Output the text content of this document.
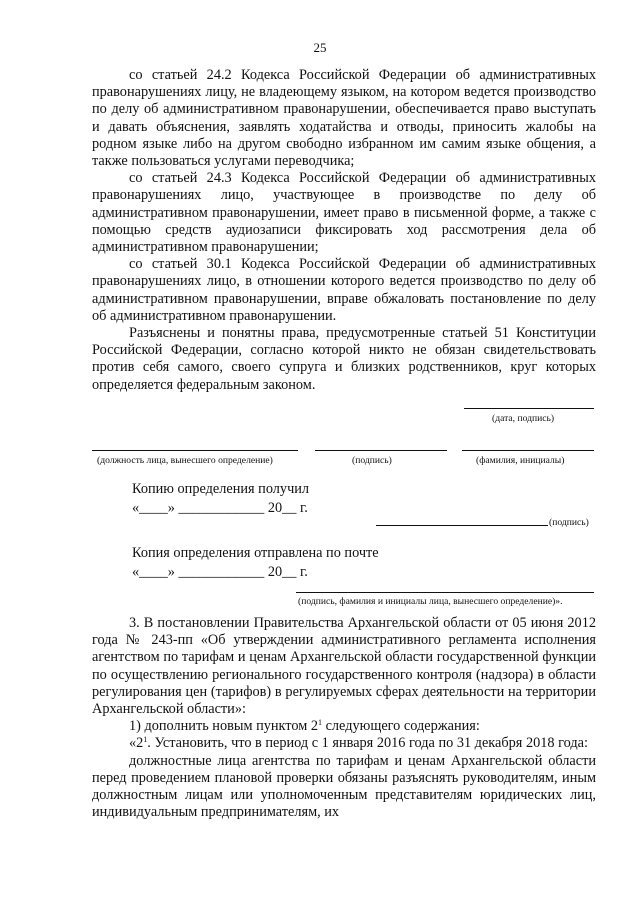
25

со статьей 24.2 Кодекса Российской Федерации об административных правонарушениях лицу, не владеющему языком, на котором ведется производство по делу об административном правонарушении, обеспечивается право выступать и давать объяснения, заявлять ходатайства и отводы, приносить жалобы на родном языке либо на другом свободно избранном им самим языке общения, а также пользоваться услугами переводчика;

со статьей 24.3 Кодекса Российской Федерации об административных правонарушениях лицо, участвующее в производстве по делу об административном правонарушении, имеет право в письменной форме, а также с помощью средств аудиозаписи фиксировать ход рассмотрения дела об административном правонарушении;

со статьей 30.1 Кодекса Российской Федерации об административных правонарушениях лицо, в отношении которого ведется производство по делу об административном правонарушении, вправе обжаловать постановление по делу об административном правонарушении.

Разъяснены и понятны права, предусмотренные статьей 51 Конституции Российской Федерации, согласно которой никто не обязан свидетельствовать против себя самого, своего супруга и близких родственников, круг которых определяется федеральным законом.

(дата, подпись)
(должность лица, вынесшего определение)	(подпись)	(фамилия, инициалы)
Копию определения получил
«____» ____________ 20__ г.
(подпись)
Копия определения отправлена по почте
«____» ____________ 20__ г.
(подпись, фамилия и инициалы лица, вынесшего определение)».

3. В постановлении Правительства Архангельской области от 05 июня 2012 года № 243-пп «Об утверждении административного регламента исполнения агентством по тарифам и ценам Архангельской области государственной функции по осуществлению регионального государственного контроля (надзора) в области регулирования цен (тарифов) в регулируемых сферах деятельности на территории Архангельской области»:

1) дополнить новым пунктом $2^1$ следующего содержания:

«$2^1$. Установить, что в период с 1 января 2016 года по 31 декабря 2018 года:

должностные лица агентства по тарифам и ценам Архангельской области перед проведением плановой проверки обязаны разъяснять руководителям, иным должностным лицам или уполномоченным представителям юридических лиц, индивидуальным предпринимателям, их
